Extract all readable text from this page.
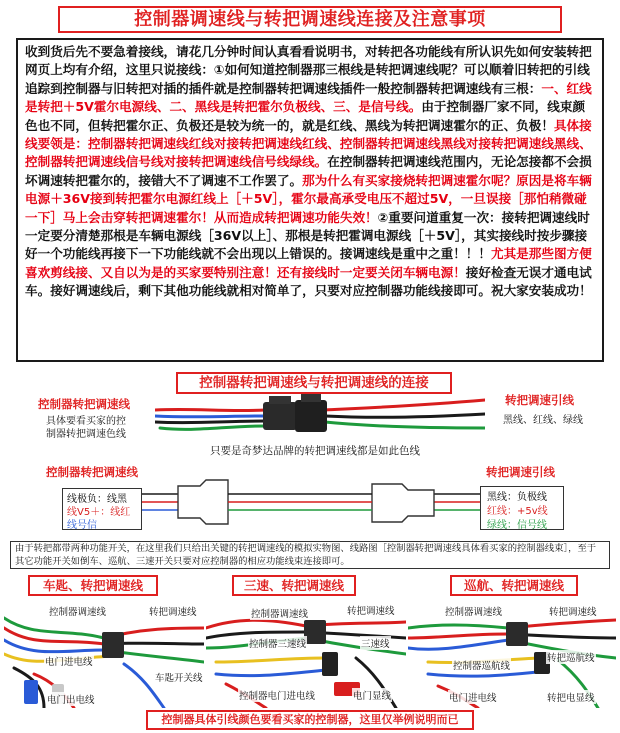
控制器调速线与转把调速线连接及注意事项
收到货后先不要急着接线，请花几分钟时间认真看看说明书，对转把各功能线有所认识先如何安装转把网页上均有介绍，这里只说接线：①如何知道控制器那三根线是转把调速线呢？可以顺着旧转把的引线追踪到控制器与旧转把对插的插件就是控制器转把调速线插件一般控制器转把调速线有三根：一、红线是转把＋5V霍尔电源线、二、黑线是转把霍尔负极线、三、是信号线。由于控制器厂家不同，线束颜色也不同，但转把霍尔正、负极还是较为统一的，就是红线、黑线为转把调速霍尔的正、负极！具体接线要领是：控制器转把调速线红线对接转把调速线红线、控制器转把调速线黑线对接转把调速线黑线、控制器转把调速线信号线对接转把调速线信号线绿线。在控制器转把调速线范围内，无论怎接都不会损坏调速转把霍尔的，接错大不了调速不工作罢了。那为什么有买家接烧转把调速霍尔呢？原因是将车辆电源＋36V接到转把霍尔电源红线上［＋5V］，霍尔最高承受电压不超过5V，一旦误接［那怕稍微碰一下］马上会击穿转把调速霍尔！从而造成转把调速功能失效！②重要问道重复一次：接转把调速线时一定要分清楚那根是车辆电源线［36V以上］、那根是转把霍调电源线［＋5V］，其实接线时按步骤接好一个功能线再接下一下功能线就不会出现以上错误的。接调速线是重中之重！！！尤其是那些图方便喜欢剪线接、又自以为是的买家要特别注意！还有接线时一定要关闭车辆电源！接好检查无误才通电试车。接好调速线后，剩下其他功能线就相对简单了，只要对应控制器功能线接即可。祝大家安装成功！
控制器转把调速线与转把调速线的连接
控制器转把调速线
具体要看买家的控
制器转把调速色线
转把调速引线
黑线、红线、绿线
只要是奇梦达品牌的转把调速线都是如此色线
控制器转把调速线	转把调速引线
线极负：线黑
线V5＋：线红
线号信
黑线：负极线
红线：+5v线
绿线：信号线
由于转把都带两种功能开关，在这里我们只给出关键的转把调速线的模拟实物图、线路图［控制器转把调速线具体看买家的控制器线束］，至于其它功能开关如倒车、巡航、三速开关只要对应控制器的相应功能线束连接即可。
车匙、转把调速线	三速、转把调速线	巡航、转把调速线
控制器调速线	转把调速线
电门进电线
车匙开关线
电门出电线
控制器调速线	转把调速线
控制器三速线	三速线
控制器电门进电线	电门显线
控制器调速线	转把调速线
转把巡航线
控制器巡航线
电门进电线	转把电显线
控制器具体引线颜色要看买家的控制器，这里仅举例说明而已
